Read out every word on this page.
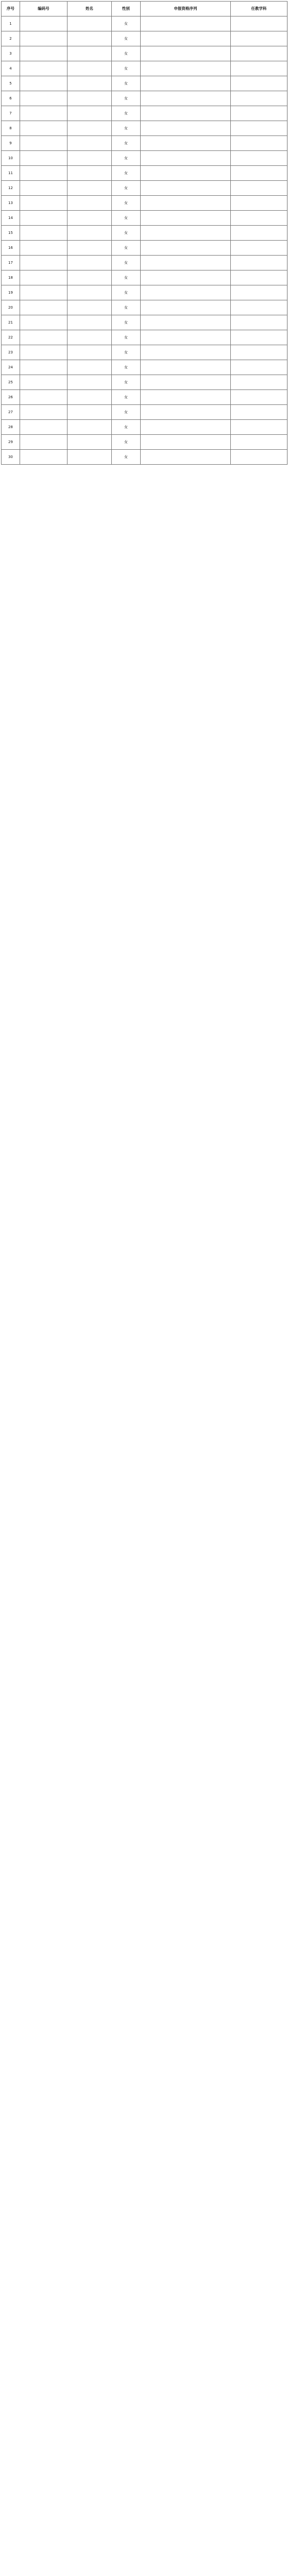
序号	编码号	姓名	性别	申报资格序列	任教学科
1			女		
2			女		
3			女		
4			女		
5			女		
6			女		
7			女		
8			女		
9			女		
10			女		
11			女		
12			女		
13			女		
14			女		
15			女		
16			女		
17			女		
18			女		
19			女		
20			女		
21			女		
22			女		
23			女		
24			女		
25			女		
26			女		
27			女		
28			女		
29			女		
30			女		
